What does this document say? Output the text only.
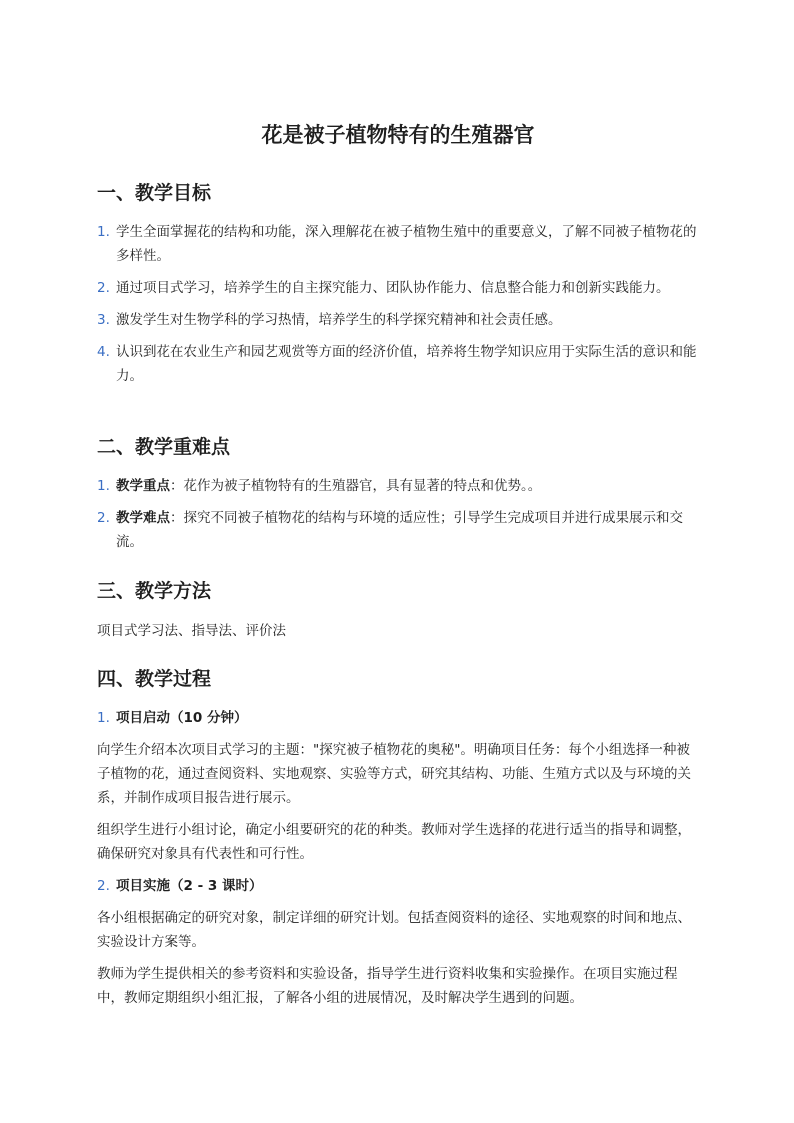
花是被子植物特有的生殖器官
一、教学目标
1. 学生全面掌握花的结构和功能，深入理解花在被子植物生殖中的重要意义，了解不同被子植物花的多样性。
2. 通过项目式学习，培养学生的自主探究能力、团队协作能力、信息整合能力和创新实践能力。
3. 激发学生对生物学科的学习热情，培养学生的科学探究精神和社会责任感。
4. 认识到花在农业生产和园艺观赏等方面的经济价值，培养将生物学知识应用于实际生活的意识和能力。
二、教学重难点
1. 教学重点：花作为被子植物特有的生殖器官，具有显著的特点和优势。。
2. 教学难点：探究不同被子植物花的结构与环境的适应性；引导学生完成项目并进行成果展示和交流。
三、教学方法

项目式学习法、指导法、评价法

四、教学过程
1. 项目启动（10 分钟）

向学生介绍本次项目式学习的主题："探究被子植物花的奥秘"。明确项目任务：每个小组选择一种被子植物的花，通过查阅资料、实地观察、实验等方式，研究其结构、功能、生殖方式以及与环境的关系，并制作成项目报告进行展示。

组织学生进行小组讨论，确定小组要研究的花的种类。教师对学生选择的花进行适当的指导和调整，确保研究对象具有代表性和可行性。

2. 项目实施（2 - 3 课时）

各小组根据确定的研究对象，制定详细的研究计划。包括查阅资料的途径、实地观察的时间和地点、实验设计方案等。

教师为学生提供相关的参考资料和实验设备，指导学生进行资料收集和实验操作。在项目实施过程中，教师定期组织小组汇报，了解各小组的进展情况，及时解决学生遇到的问题。
